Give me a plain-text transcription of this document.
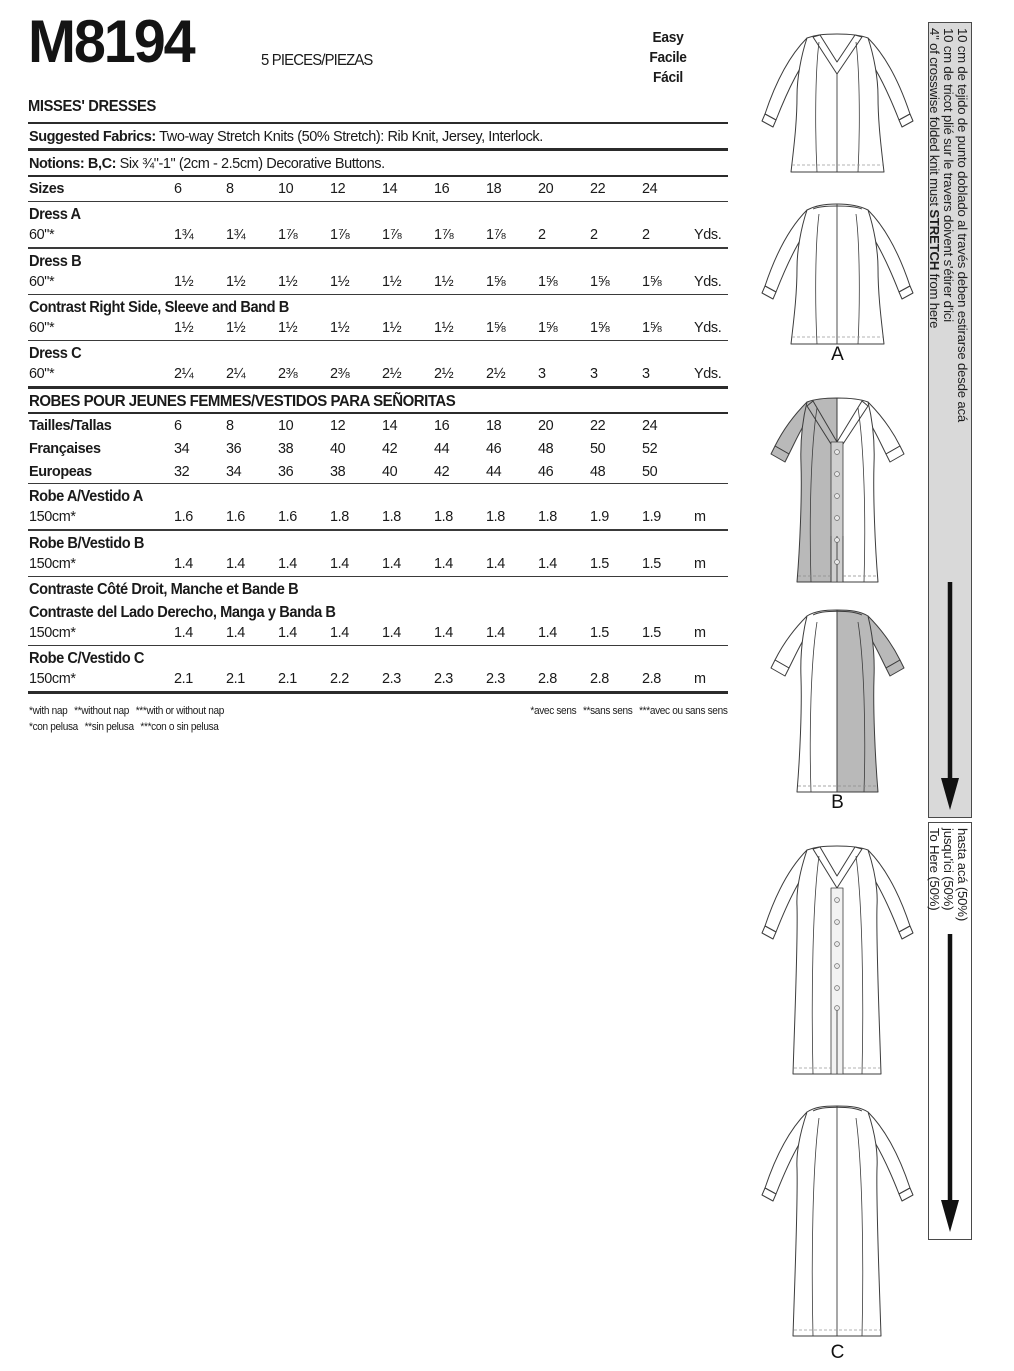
M8194	5 PIECES/PIEZAS
Easy
Facile
Fácil
MISSES' DRESSES
Suggested Fabrics: Two-way Stretch Knits (50% Stretch): Rib Knit, Jersey, Interlock.
Notions: B,C: Six ¾"-1" (2cm - 2.5cm) Decorative Buttons.
Sizes	6	8	10	12	14	16	18	20	22	24
Dress A
60"*	1¾	1¾	1⅞	1⅞	1⅞	1⅞	1⅞	2	2	2	Yds.
Dress B
60"*	1½	1½	1½	1½	1½	1½	1⅝	1⅝	1⅝	1⅝	Yds.
Contrast Right Side, Sleeve and Band B
60"*	1½	1½	1½	1½	1½	1½	1⅝	1⅝	1⅝	1⅝	Yds.
Dress C
60"*	2¼	2¼	2⅜	2⅜	2½	2½	2½	3	3	3	Yds.
ROBES POUR JEUNES FEMMES/VESTIDOS PARA SEÑORITAS
Tailles/Tallas	6	8	10	12	14	16	18	20	22	24
Françaises	34	36	38	40	42	44	46	48	50	52
Europeas	32	34	36	38	40	42	44	46	48	50
Robe A/Vestido A
150cm*	1.6	1.6	1.6	1.8	1.8	1.8	1.8	1.8	1.9	1.9	m
Robe B/Vestido B
150cm*	1.4	1.4	1.4	1.4	1.4	1.4	1.4	1.4	1.5	1.5	m
Contraste Côté Droit, Manche et Bande B
Contraste del Lado Derecho, Manga y Banda B
150cm*	1.4	1.4	1.4	1.4	1.4	1.4	1.4	1.4	1.5	1.5	m
Robe C/Vestido C
150cm*	2.1	2.1	2.1	2.2	2.3	2.3	2.3	2.8	2.8	2.8	m
*with nap **without nap ***with or without nap
*con pelusa **sin pelusa ***con o sin pelusa
*avec sens **sans sens ***avec ou sans sens
A
B
C
4" of crosswise folded knit must STRETCH from here 10 cm de tricot plié sur le travers doivent s'étirer d'ici 10 cm de tejido de punto doblado al través deben estirarse desde acá
To Here (50%) jusqu'ici (50%) hasta acá (50%)
